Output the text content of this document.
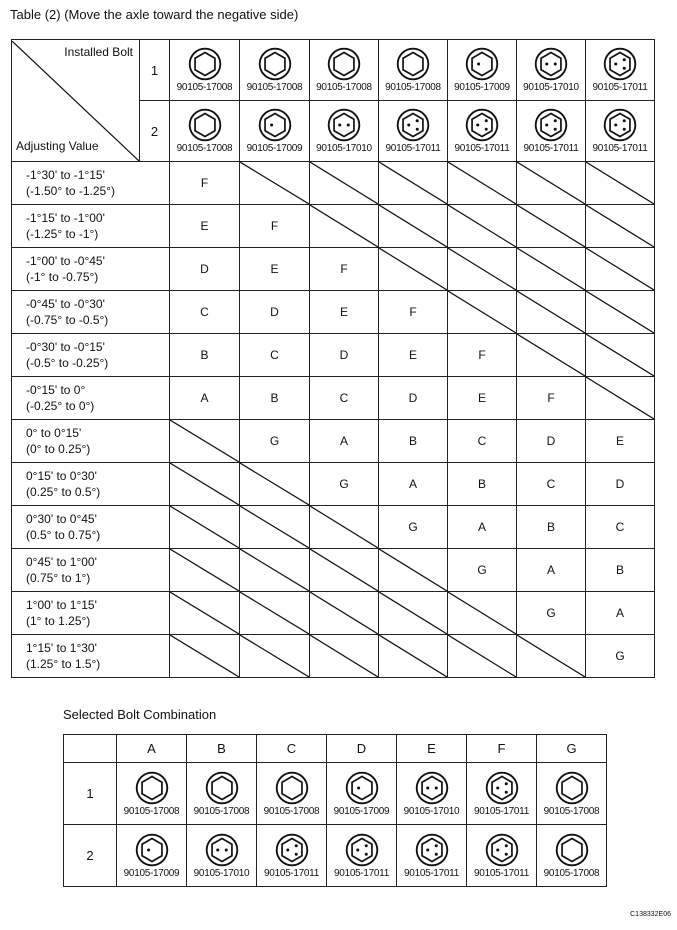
Table (2) (Move the axle toward the negative side)
Selected Bolt Combination
C138332E06
Installed Bolt
Adjusting Value	1	90105-17008	90105-17008	90105-17008	90105-17008	90105-17009	90105-17010	90105-17011

	2	90105-17008	90105-17009	90105-17010	90105-17011	90105-17011	90105-17011	90105-17011

-1°30' to -1°15'
(-1.50° to -1.25°)		F	

-1°15' to -1°00'
(-1.25° to -1°)		E	F	

-1°00' to -0°45'
(-1° to -0.75°)		D	E	F	

-0°45' to -0°30'
(-0.75° to -0.5°)		C	D	E	F	

-0°30' to -0°15'
(-0.5° to -0.25°)		B	C	D	E	F	

-0°15' to 0°
(-0.25° to 0°)		A	B	C	D	E	F	

0° to 0°15'
(0° to 0.25°)			G	A	B	C	D	E

0°15' to 0°30'
(0.25° to 0.5°)				G	A	B	C	D

0°30' to 0°45'
(0.5° to 0.75°)					G	A	B	C

0°45' to 1°00'
(0.75° to 1°)						G	A	B

1°00' to 1°15'
(1° to 1.25°)							G	A

1°15' to 1°30'
(1.25° to 1.5°)								G
	A	B	C	D	E	F	G
1	90105-17008	90105-17008	90105-17008	90105-17009	90105-17010	90105-17011	90105-17008

2	90105-17009	90105-17010	90105-17011	90105-17011	90105-17011	90105-17011	90105-17008
